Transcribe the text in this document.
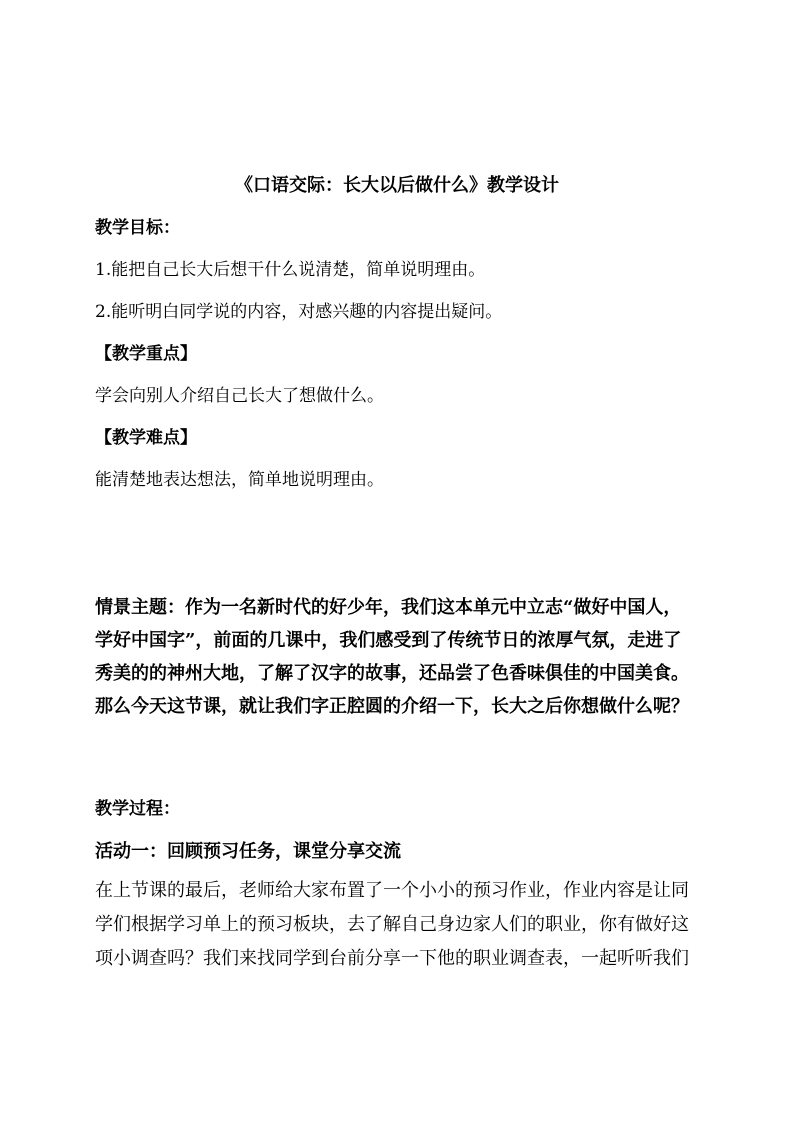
《口语交际：长大以后做什么》教学设计
教学目标：
1.能把自己长大后想干什么说清楚，简单说明理由。
2.能听明白同学说的内容，对感兴趣的内容提出疑问。
【教学重点】
学会向别人介绍自己长大了想做什么。
【教学难点】
能清楚地表达想法，简单地说明理由。
情景主题：作为一名新时代的好少年，我们这本单元中立志“做好中国人，
学好中国字”，前面的几课中，我们感受到了传统节日的浓厚气氛，走进了
秀美的的神州大地，了解了汉字的故事，还品尝了色香味俱佳的中国美食。
那么今天这节课，就让我们字正腔圆的介绍一下，长大之后你想做什么呢？
教学过程：
活动一：回顾预习任务，课堂分享交流
在上节课的最后，老师给大家布置了一个小小的预习作业，作业内容是让同
学们根据学习单上的预习板块，去了解自己身边家人们的职业，你有做好这
项小调查吗？我们来找同学到台前分享一下他的职业调查表，一起听听我们
